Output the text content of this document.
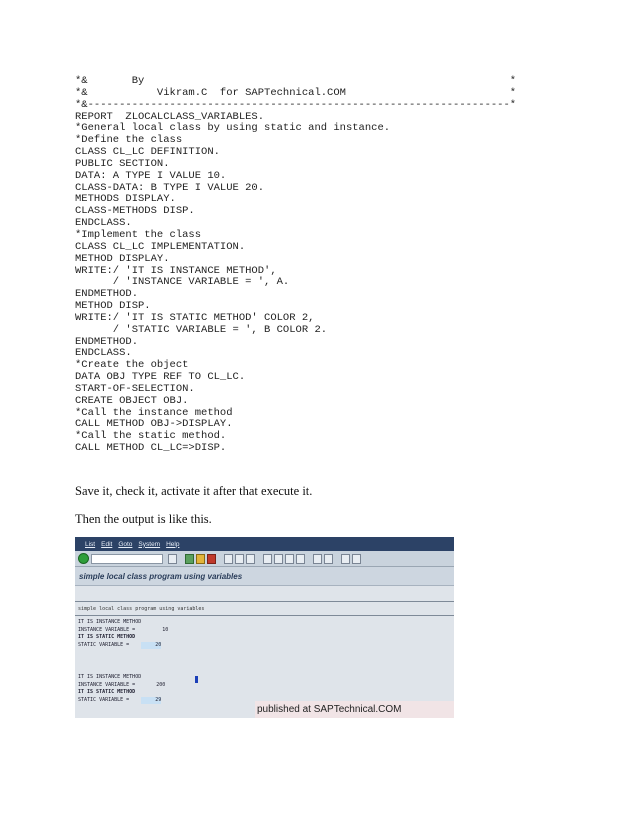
*&       By                                                          *
*&           Vikram.C  for SAPTechnical.COM                          *
*&-------------------------------------------------------------------*
REPORT  ZLOCALCLASS_VARIABLES.
*General local class by using static and instance.
*Define the class
CLASS CL_LC DEFINITION.
PUBLIC SECTION.
DATA: A TYPE I VALUE 10.
CLASS-DATA: B TYPE I VALUE 20.
METHODS DISPLAY.
CLASS-METHODS DISP.
ENDCLASS.
*Implement the class
CLASS CL_LC IMPLEMENTATION.
METHOD DISPLAY.
WRITE:/ 'IT IS INSTANCE METHOD',
/ 'INSTANCE VARIABLE = ', A.
ENDMETHOD.
METHOD DISP.
WRITE:/ 'IT IS STATIC METHOD' COLOR 2,
/ 'STATIC VARIABLE = ', B COLOR 2.
ENDMETHOD.
ENDCLASS.
*Create the object
DATA OBJ TYPE REF TO CL_LC.
START-OF-SELECTION.
CREATE OBJECT OBJ.
*Call the instance method
CALL METHOD OBJ->DISPLAY.
*Call the static method.
CALL METHOD CL_LC=>DISP.

Save it, check it, activate it after that execute it.

Then the output is like this.

List Edit Goto System Help
simple local class program using variables
simple local class program using variables
IT IS INSTANCE METHOD
INSTANCE VARIABLE =	10
IT IS STATIC METHOD
STATIC VARIABLE =	20
IT IS INSTANCE METHOD
INSTANCE VARIABLE =	200
IT IS STATIC METHOD
STATIC VARIABLE =	29
published at SAPTechnical.COM
